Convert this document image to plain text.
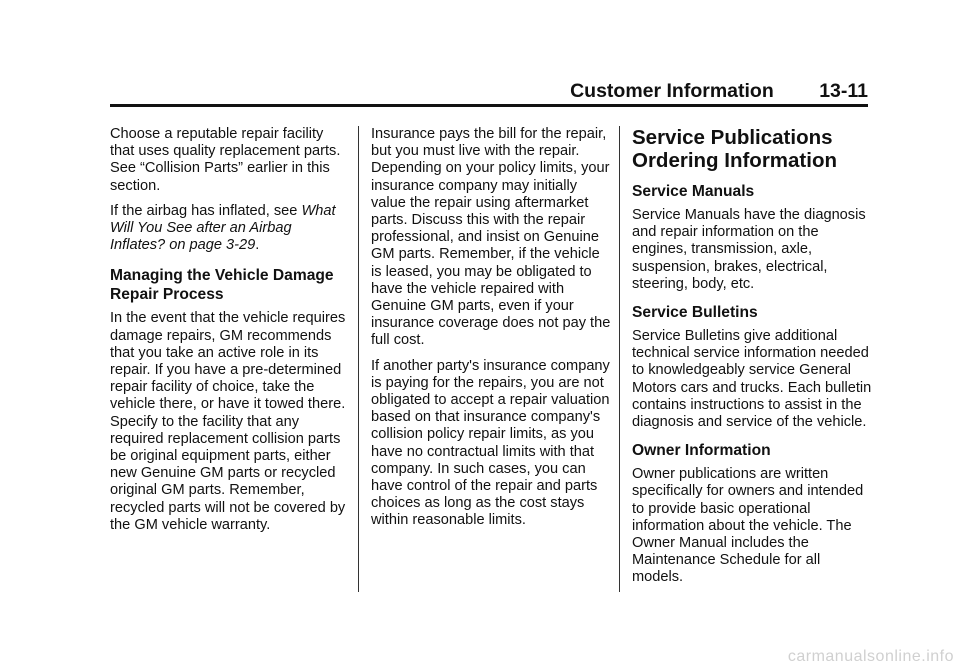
Customer Information 13-11

Choose a reputable repair facility that uses quality replacement parts. See “Collision Parts” earlier in this section.

If the airbag has inflated, see What Will You See after an Airbag Inflates? on page 3-29.

Managing the Vehicle Damage Repair Process

In the event that the vehicle requires damage repairs, GM recommends that you take an active role in its repair. If you have a pre-determined repair facility of choice, take the vehicle there, or have it towed there. Specify to the facility that any required replacement collision parts be original equipment parts, either new Genuine GM parts or recycled original GM parts. Remember, recycled parts will not be covered by the GM vehicle warranty.

Insurance pays the bill for the repair, but you must live with the repair. Depending on your policy limits, your insurance company may initially value the repair using aftermarket parts. Discuss this with the repair professional, and insist on Genuine GM parts. Remember, if the vehicle is leased, you may be obligated to have the vehicle repaired with Genuine GM parts, even if your insurance coverage does not pay the full cost.

If another party's insurance company is paying for the repairs, you are not obligated to accept a repair valuation based on that insurance company's collision policy repair limits, as you have no contractual limits with that company. In such cases, you can have control of the repair and parts choices as long as the cost stays within reasonable limits.

Service Publications Ordering Information
Service Manuals

Service Manuals have the diagnosis and repair information on the engines, transmission, axle, suspension, brakes, electrical, steering, body, etc.

Service Bulletins

Service Bulletins give additional technical service information needed to knowledgeably service General Motors cars and trucks. Each bulletin contains instructions to assist in the diagnosis and service of the vehicle.

Owner Information

Owner publications are written specifically for owners and intended to provide basic operational information about the vehicle. The Owner Manual includes the Maintenance Schedule for all models.

carmanualsonline.info
